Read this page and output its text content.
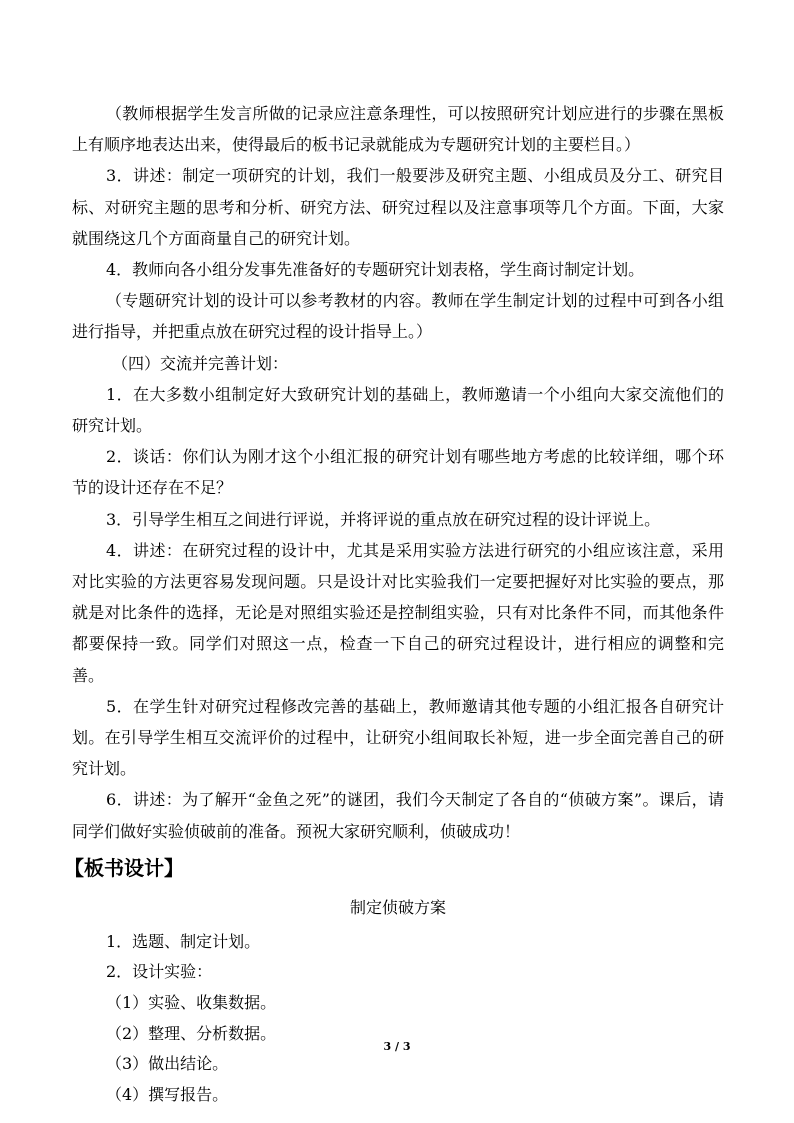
（教师根据学生发言所做的记录应注意条理性，可以按照研究计划应进行的步骤在黑板上有顺序地表达出来，使得最后的板书记录就能成为专题研究计划的主要栏目。）

3．讲述：制定一项研究的计划，我们一般要涉及研究主题、小组成员及分工、研究目标、对研究主题的思考和分析、研究方法、研究过程以及注意事项等几个方面。下面，大家就围绕这几个方面商量自己的研究计划。

4．教师向各小组分发事先准备好的专题研究计划表格，学生商讨制定计划。

（专题研究计划的设计可以参考教材的内容。教师在学生制定计划的过程中可到各小组进行指导，并把重点放在研究过程的设计指导上。）

（四）交流并完善计划：

1．在大多数小组制定好大致研究计划的基础上，教师邀请一个小组向大家交流他们的研究计划。

2．谈话：你们认为刚才这个小组汇报的研究计划有哪些地方考虑的比较详细，哪个环节的设计还存在不足？

3．引导学生相互之间进行评说，并将评说的重点放在研究过程的设计评说上。

4．讲述：在研究过程的设计中，尤其是采用实验方法进行研究的小组应该注意，采用对比实验的方法更容易发现问题。只是设计对比实验我们一定要把握好对比实验的要点，那就是对比条件的选择，无论是对照组实验还是控制组实验，只有对比条件不同，而其他条件都要保持一致。同学们对照这一点，检查一下自己的研究过程设计，进行相应的调整和完善。

5．在学生针对研究过程修改完善的基础上，教师邀请其他专题的小组汇报各自研究计划。在引导学生相互交流评价的过程中，让研究小组间取长补短，进一步全面完善自己的研究计划。

6．讲述：为了解开“金鱼之死”的谜团，我们今天制定了各自的“侦破方案”。课后，请同学们做好实验侦破前的准备。预祝大家研究顺利，侦破成功！

【板书设计】
制定侦破方案

1．选题、制定计划。

2．设计实验：

（1）实验、收集数据。

（2）整理、分析数据。

（3）做出结论。

（4）撰写报告。

3 / 3
